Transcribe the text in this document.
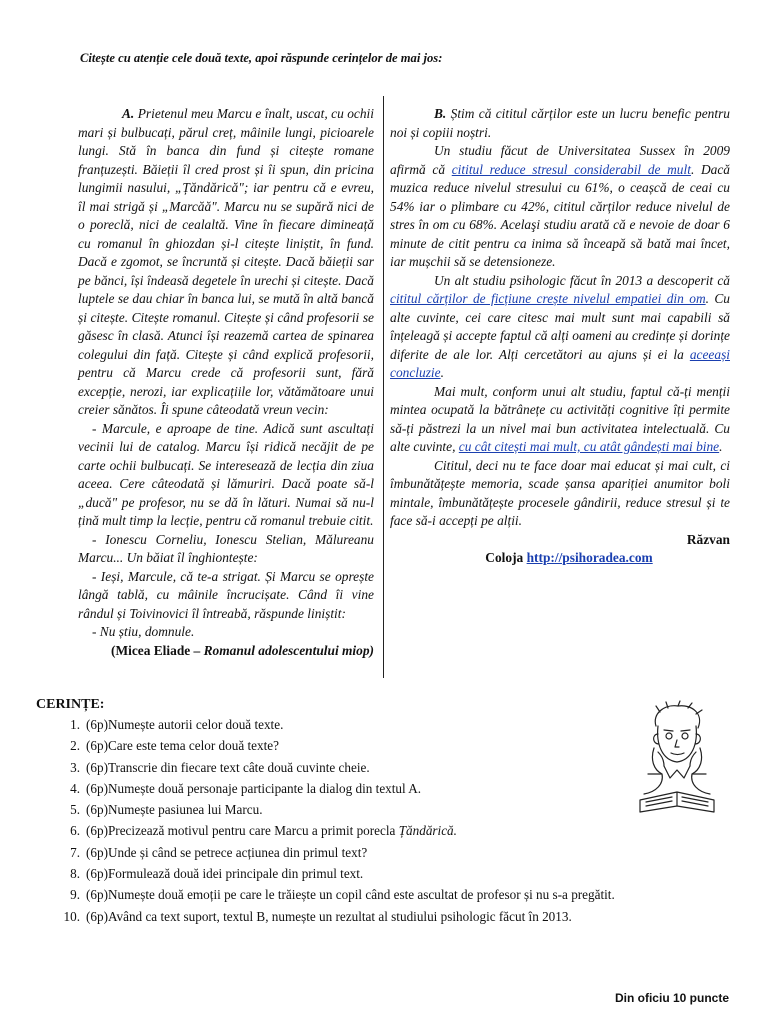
Citește cu atenție cele două texte, apoi răspunde cerințelor de mai jos:

A. Prietenul meu Marcu e înalt, uscat, cu ochii mari și bulbucați, părul creț, mâinile lungi, picioarele lungi. Stă în banca din fund și citește romane franțuzești. Băieții îl cred prost și îi spun, din pricina lungimii nasului, „Țăndărică"; iar pentru că e evreu, îl mai strigă și „Marcăă". Marcu nu se supără nici de o poreclă, nici de cealaltă. Vine în fiecare dimineață cu romanul în ghiozdan și-l citește liniștit, în fund. Dacă e zgomot, se încruntă și citește. Dacă băieții sar pe bănci, își îndeasă degetele în urechi și citește. Dacă luptele se dau chiar în banca lui, se mută în altă bancă și citește. Citește romanul. Citește și când profesorii se găsesc în clasă. Atunci își reazemă cartea de spinarea colegului din față. Citește și când explică profesorii, pentru că Marcu crede că profesorii sunt, fără excepție, nerozi, iar explicațiile lor, vătămătoare unui creier sănătos. Îi spune câteodată vreun vecin:

- Marcule, e aproape de tine. Adică sunt ascultați vecinii lui de catalog. Marcu își ridică necăjit de pe carte ochii bulbucați. Se interesează de lecția din ziua aceea. Cere câteodată și lămuriri. Dacă poate să-l „ducă" pe profesor, nu se dă în lături. Numai să nu-l țină mult timp la lecție, pentru că romanul trebuie citit.

- Ionescu Corneliu, Ionescu Stelian, Mălureanu Marcu... Un băiat îl înghiontește:

- Ieși, Marcule, că te-a strigat. Și Marcu se oprește lângă tablă, cu mâinile încrucișate. Când îi vine rândul și Toivinovici îl întreabă, răspunde liniștit:

- Nu știu, domnule.

(Micea Eliade – Romanul adolescentului miop)

B. Știm că cititul cărților este un lucru benefic pentru noi și copiii noștri.

Un studiu făcut de Universitatea Sussex în 2009 afirmă că cititul reduce stresul considerabil de mult. Dacă muzica reduce nivelul stresului cu 61%, o ceașcă de ceai cu 54% iar o plimbare cu 42%, cititul cărților reduce nivelul de stres în om cu 68%. Acelaşi studiu arată că e nevoie de doar 6 minute de citit pentru ca inima să înceapă să bată mai încet, iar mușchii să se detensioneze.

Un alt studiu psihologic făcut în 2013 a descoperit că cititul cărților de ficțiune crește nivelul empatiei din om. Cu alte cuvinte, cei care citesc mai mult sunt mai capabili să înțeleagă și accepte faptul că alți oameni au credințe și dorințe diferite de ale lor. Alți cercetători au ajuns și ei la aceeași concluzie.

Mai mult, conform unui alt studiu, faptul că-ți menții mintea ocupată la bătrânețe cu activități cognitive îți permite să-ți păstrezi la un nivel mai bun activitatea intelectuală. Cu alte cuvinte, cu cât citești mai mult, cu atât gândești mai bine.

Cititul, deci nu te face doar mai educat și mai cult, ci îmbunătățește memoria, scade șansa apariției anumitor boli mintale, îmbunătățește procesele gândirii, reduce stresul și te face să-i accepți pe alții.

Răzvan

Coloja http://psihoradea.com

CERINȚE:
1. (6p)Numește autorii celor două texte.
2. (6p)Care este tema celor două texte?
3. (6p)Transcrie din fiecare text câte două cuvinte cheie.
4. (6p)Numește două personaje participante la dialog din textul A.
5. (6p)Numește pasiunea lui Marcu.
6. (6p)Precizează motivul pentru care Marcu a primit porecla Țăndărică.
7. (6p)Unde și când se petrece acțiunea din primul text?
8. (6p)Formulează două idei principale din primul text.
9. (6p)Numește două emoții pe care le trăiește un copil când este ascultat de profesor și nu s-a pregătit.
10. (6p)Având ca text suport, textul B, numește un rezultat al studiului psihologic făcut în 2013.
Din oficiu 10 puncte
